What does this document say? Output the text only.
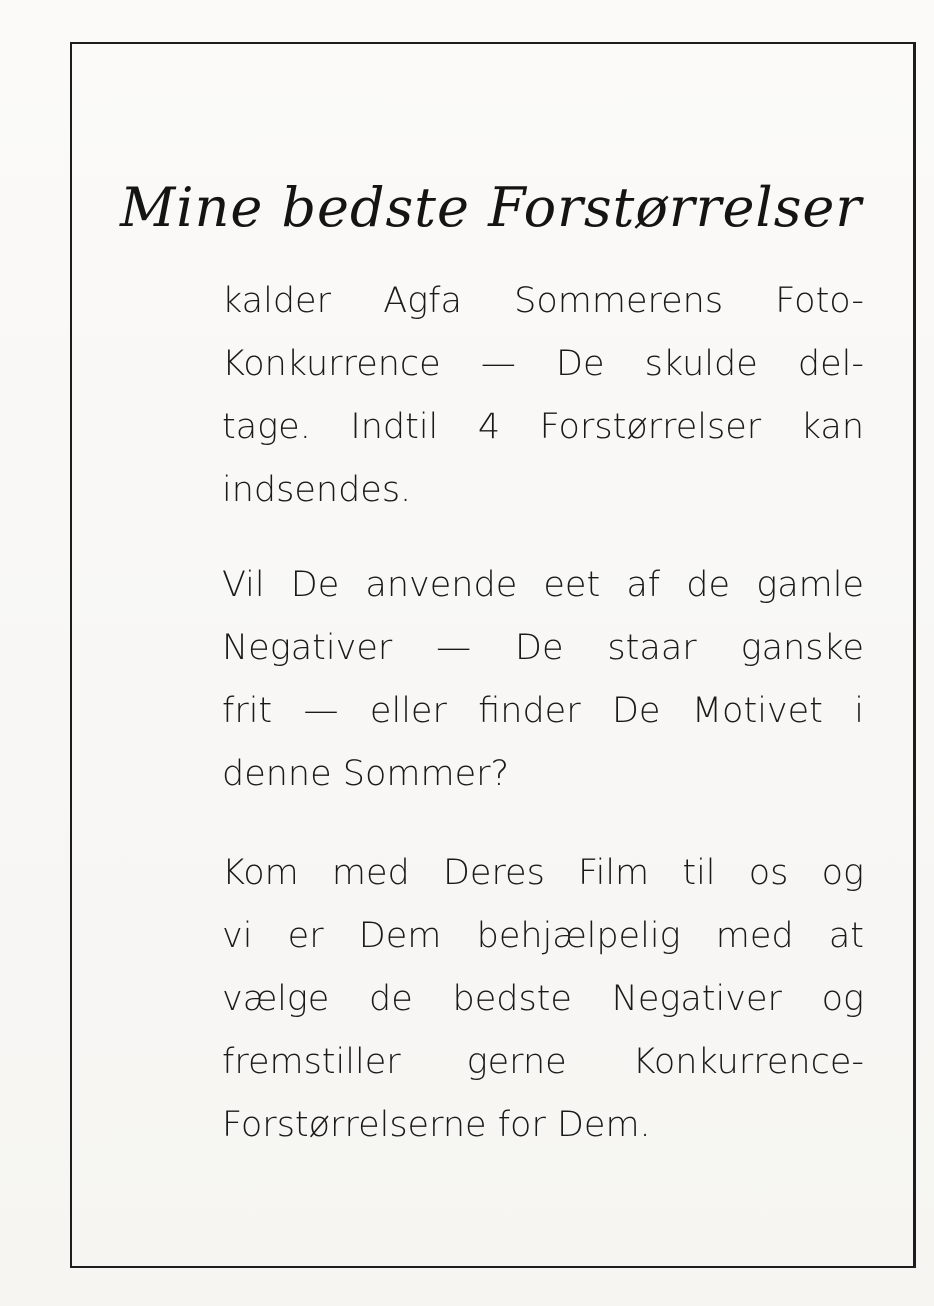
Mine bedste Forstørrelser
kalder Agfa Sommerens Foto-
Konkurrence — De skulde del-
tage. Indtil 4 Forstørrelser kan
indsendes.
Vil De anvende eet af de gamle
Negativer — De staar ganske
frit — eller finder De Motivet i
denne Sommer?
Kom med Deres Film til os og
vi er Dem behjælpelig med at
vælge de bedste Negativer og
fremstiller gerne Konkurrence-
Forstørrelserne for Dem.
